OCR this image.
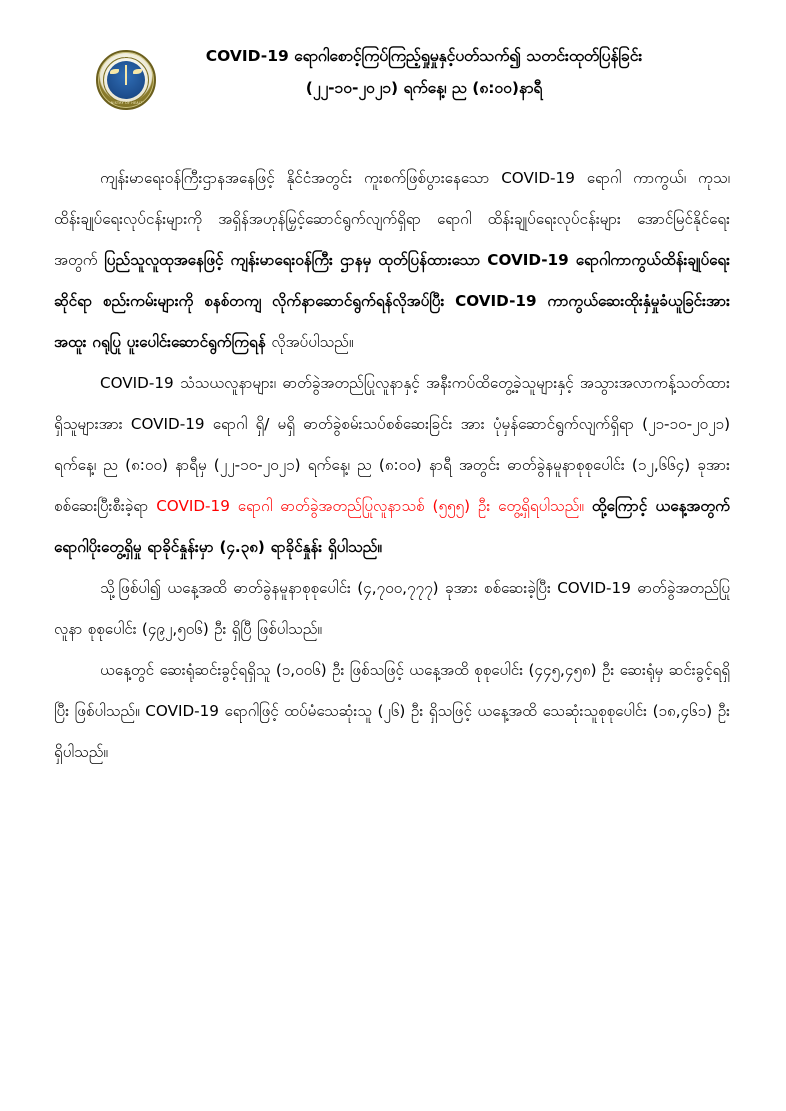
ပြည်ထောင်စုသမ္မတမြန်မာနိုင်ငံတော်
MINISTRY OF HEALTH
COVID-19 ရောဂါစောင့်ကြပ်ကြည့်ရှုမှုနှင့်ပတ်သက်၍ သတင်းထုတ်ပြန်ခြင်း
(၂၂-၁၀-၂၀၂၁) ရက်နေ့၊ ည (၈:၀၀)နာရီ

ကျန်းမာရေးဝန်ကြီးဌာနအနေဖြင့် နိုင်ငံအတွင်း ကူးစက်ဖြစ်ပွားနေသော COVID-19 ရောဂါ ကာကွယ်၊ ကုသ၊ ထိန်းချုပ်ရေးလုပ်ငန်းများကို အရှိန်အဟုန်မြှင့်ဆောင်ရွက်လျက်ရှိရာ ရောဂါ ထိန်းချုပ်ရေးလုပ်ငန်းများ အောင်မြင်နိုင်ရေးအတွက် ပြည်သူလူထုအနေဖြင့် ကျန်းမာရေးဝန်ကြီး ဌာနမှ ထုတ်ပြန်ထားသော COVID-19 ရောဂါကာကွယ်ထိန်းချုပ်ရေးဆိုင်ရာ စည်းကမ်းများကို စနစ်တကျ လိုက်နာဆောင်ရွက်ရန်လိုအပ်ပြီး COVID-19 ကာကွယ်ဆေးထိုးနှံမှုခံယူခြင်းအား အထူး ဂရုပြု ပူးပေါင်းဆောင်ရွက်ကြရန် လိုအပ်ပါသည်။

COVID-19 သံသယလူနာများ၊ ဓာတ်ခွဲအတည်ပြုလူနာနှင့် အနီးကပ်ထိတွေ့ခဲ့သူများနှင့် အသွားအလာကန့်သတ်ထားရှိသူများအား COVID-19 ရောဂါ ရှိ/ မရှိ ဓာတ်ခွဲစမ်းသပ်စစ်ဆေးခြင်း အား ပုံမှန်ဆောင်ရွက်လျက်ရှိရာ (၂၁-၁၀-၂၀၂၁) ရက်နေ့၊ ည (၈:၀၀) နာရီမှ (၂၂-၁၀-၂၀၂၁) ရက်နေ့၊ ည (၈:၀၀) နာရီ အတွင်း ဓာတ်ခွဲနမူနာစုစုပေါင်း (၁၂,၆၆၄) ခုအား စစ်ဆေးပြီးစီးခဲ့ရာ COVID-19 ရောဂါ ဓာတ်ခွဲအတည်ပြုလူနာသစ် (၅၅၅) ဦး တွေ့ရှိရပါသည်။ ထို့ကြောင့် ယနေ့အတွက် ရောဂါပိုးတွေ့ရှိမှု ရာခိုင်နှုန်းမှာ (၄.၃၈) ရာခိုင်နှုန်း ရှိပါသည်။

သို့ဖြစ်ပါ၍ ယနေ့အထိ ဓာတ်ခွဲနမူနာစုစုပေါင်း (၄,၇၀၀,၇၇၇) ခုအား စစ်ဆေးခဲ့ပြီး COVID-19 ဓာတ်ခွဲအတည်ပြုလူနာ စုစုပေါင်း (၄၉၂,၅၀၆) ဦး ရှိပြီ ဖြစ်ပါသည်။

ယနေ့တွင် ဆေးရုံဆင်းခွင့်ရရှိသူ (၁,၀၀၆) ဦး ဖြစ်သဖြင့် ယနေ့အထိ စုစုပေါင်း (၄၄၅,၄၅၈) ဦး ဆေးရုံမှ ဆင်းခွင့်ရရှိပြီး ဖြစ်ပါသည်။ COVID-19 ရောဂါဖြင့် ထပ်မံသေဆုံးသူ (၂၆) ဦး ရှိသဖြင့် ယနေ့အထိ သေဆုံးသူစုစုပေါင်း (၁၈,၄၆၁) ဦး ရှိပါသည်။
